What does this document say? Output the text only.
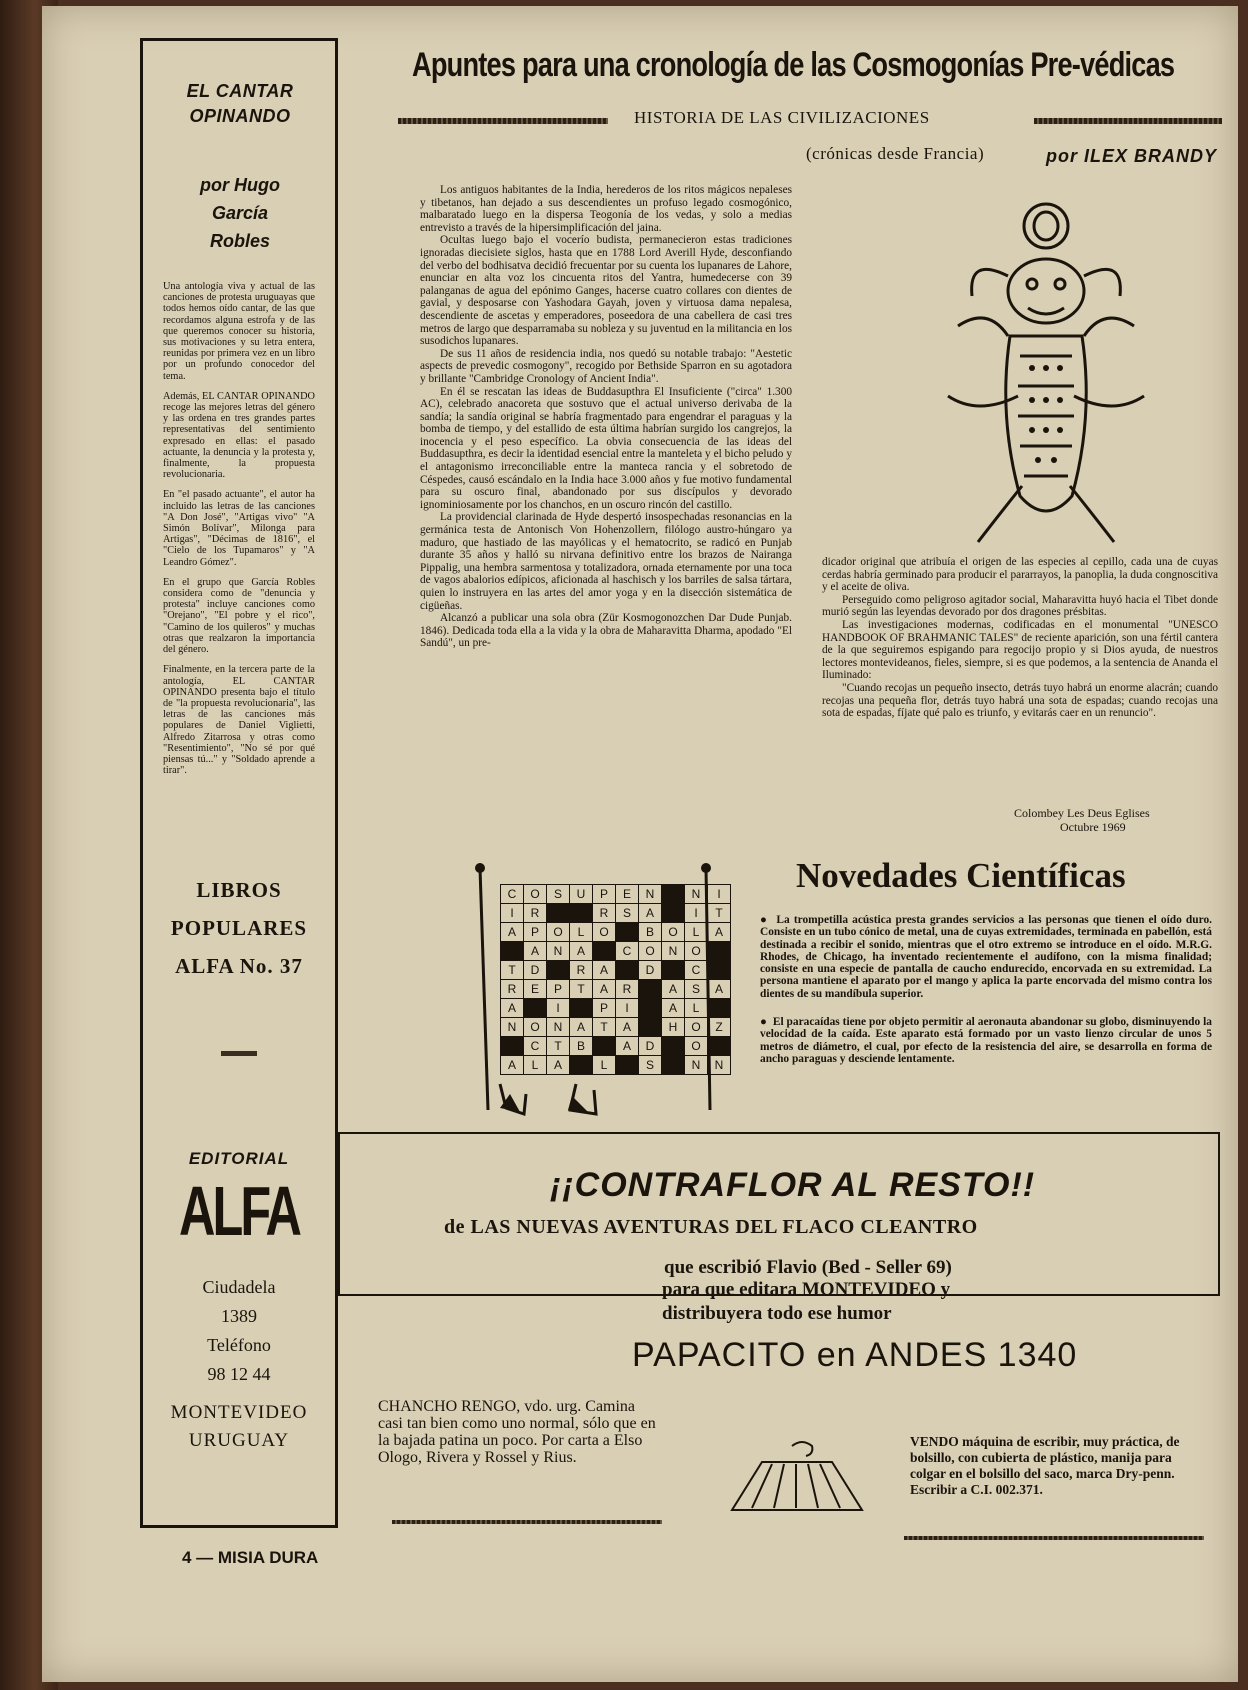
EL CANTAR
OPINANDO
por Hugo
García
Robles

Una antología viva y actual de las canciones de protesta uruguayas que todos hemos oído cantar, de las que recordamos alguna estrofa y de las que queremos conocer su historia, sus motivaciones y su letra entera, reunidas por primera vez en un libro por un profundo conocedor del tema.

Además, EL CANTAR OPINANDO recoge las mejores letras del género y las ordena en tres grandes partes representativas del sentimiento expresado en ellas: el pasado actuante, la denuncia y la protesta y, finalmente, la propuesta revolucionaria.

En "el pasado actuante", el autor ha incluido las letras de las canciones "A Don José", "Artigas vivo" "A Simón Bolívar", Milonga para Artigas", "Décimas de 1816", el "Cielo de los Tupamaros" y "A Leandro Gómez".

En el grupo que García Robles considera como de "denuncia y protesta" incluye canciones como "Orejano", "El pobre y el rico", "Camino de los quileros" y muchas otras que realzaron la importancia del género.

Finalmente, en la tercera parte de la antología, EL CANTAR OPINANDO presenta bajo el título de "la propuesta revolucionaria", las letras de las canciones más populares de Daniel Viglietti, Alfredo Zitarrosa y otras como "Resentimiento", "No sé por qué piensas tú..." y "Soldado aprende a tirar".

LIBROS
POPULARES
ALFA No. 37
EDITORIAL
ALFA
Ciudadela
1389
Teléfono
98 12 44
MONTEVIDEO
URUGUAY
4 — MISIA DURA
Apuntes para una cronología de las Cosmogonías Pre-védicas
HISTORIA DE LAS CIVILIZACIONES
(crónicas desde Francia)	por ILEX BRANDY

Los antiguos habitantes de la India, herederos de los ritos mágicos nepaleses y tibetanos, han dejado a sus descendientes un profuso legado cosmogónico, malbaratado luego en la dispersa Teogonía de los vedas, y solo a medias entrevisto a través de la hipersimplificación del jaina.

Ocultas luego bajo el vocerío budista, permanecieron estas tradiciones ignoradas diecisiete siglos, hasta que en 1788 Lord Averill Hyde, desconfiando del verbo del bodhisatva decidió frecuentar por su cuenta los lupanares de Lahore, enunciar en alta voz los cincuenta ritos del Yantra, humedecerse con 39 palanganas de agua del epónimo Ganges, hacerse cuatro collares con dientes de gavial, y desposarse con Yashodara Gayah, joven y virtuosa dama nepalesa, descendiente de ascetas y emperadores, poseedora de una cabellera de casi tres metros de largo que desparramaba su nobleza y su juventud en la militancia en los susodichos lupanares.

De sus 11 años de residencia india, nos quedó su notable trabajo: "Aestetic aspects de prevedic cosmogony", recogido por Bethside Sparron en su agotadora y brillante "Cambridge Cronology of Ancient India".

En él se rescatan las ideas de Buddasupthra El Insuficiente ("circa" 1.300 AC), celebrado anacoreta que sostuvo que el actual universo derivaba de la sandía; la sandía original se habría fragmentado para engendrar el paraguas y la bomba de tiempo, y del estallido de esta última habrían surgido los cangrejos, la inocencia y el peso específico. La obvia consecuencia de las ideas del Buddasupthra, es decir la identidad esencial entre la manteleta y el bicho peludo y el antagonismo irreconciliable entre la manteca rancia y el sobretodo de Céspedes, causó escándalo en la India hace 3.000 años y fue motivo fundamental para su oscuro final, abandonado por sus discípulos y devorado ignominiosamente por los chanchos, en un oscuro rincón del castillo.

La providencial clarinada de Hyde despertó insospechadas resonancias en la germánica testa de Antonisch Von Hohenzollern, filólogo austro-húngaro ya maduro, que hastiado de las mayólicas y el hematocrito, se radicó en Punjab durante 35 años y halló su nirvana definitivo entre los brazos de Nairanga Pippalig, una hembra sarmentosa y totalizadora, ornada eternamente por una toca de vagos abalorios edípicos, aficionada al haschisch y los barriles de salsa tártara, quien lo instruyera en las artes del amor yoga y en la disección sistemática de cigüeñas.

Alcanzó a publicar una sola obra (Zür Kosmogonozchen Dar Dude Punjab. 1846). Dedicada toda ella a la vida y la obra de Maharavitta Dharma, apodado "El Sandú", un pre-

dicador original que atribuía el origen de las especies al cepillo, cada una de cuyas cerdas habría germinado para producir el pararrayos, la panoplia, la duda congnoscitiva y el aceite de oliva.

Perseguido como peligroso agitador social, Maharavitta huyó hacia el Tibet donde murió según las leyendas devorado por dos dragones présbitas.

Las investigaciones modernas, codificadas en el monumental "UNESCO HANDBOOK OF BRAHMANIC TALES" de reciente aparición, son una fértil cantera de la que seguiremos espigando para regocijo propio y si Dios ayuda, de nuestros lectores montevideanos, fieles, siempre, si es que podemos, a la sentencia de Ananda el Iluminado:

"Cuando recojas un pequeño insecto, detrás tuyo habrá un enorme alacrán; cuando recojas una pequeña flor, detrás tuyo habrá una sota de espadas; cuando recojas una sota de espadas, fíjate qué palo es triunfo, y evitarás caer en un renuncio".

Colombey Les Deus Eglises
Octubre 1969
C	O	S	U	P	E	N		N	I
I	R			R	S	A		I	T
A	P	O	L	O		B	O	L	A
	A	N	A		C	O	N	O	
T	D		R	A		D		C	
R	E	P	T	A	R		A	S	A
A		I		P	I		A	L	
N	O	N	A	T	A		H	O	Z
	C	T	B		A	D		O	
A	L	A		L		S		N	N
Novedades Científicas

●  La trompetilla acústica presta grandes servicios a las personas que tienen el oído duro. Consiste en un tubo cónico de metal, una de cuyas extremidades, terminada en pabellón, está destinada a recibir el sonido, mientras que el otro extremo se introduce en el oído. M.R.G. Rhodes, de Chicago, ha inventado recientemente el audífono, con la misma finalidad; consiste en una especie de pantalla de caucho endurecido, encorvada en su extremidad. La persona mantiene el aparato por el mango y aplica la parte encorvada del mismo contra los dientes de su mandíbula superior.

●  El paracaídas tiene por objeto permitir al aeronauta abandonar su globo, disminuyendo la velocidad de la caída. Este aparato está formado por un vasto lienzo circular de unos 5 metros de diámetro, el cual, por efecto de la resistencia del aire, se desarrolla en forma de ancho paraguas y desciende lentamente.

¡¡CONTRAFLOR AL RESTO!!
de LAS NUEVAS AVENTURAS DEL FLACO CLEANTRO
que escribió Flavio (Bed - Seller 69)
para que editara MONTEVIDEO y
distribuyera todo ese humor
PAPACITO en ANDES 1340
CHANCHO RENGO, vdo. urg. Camina casi tan bien como uno normal, sólo que en la bajada patina un poco. Por carta a Elso Ologo, Rivera y Rossel y Rius.
VENDO máquina de escribir, muy práctica, de bolsillo, con cubierta de plástico, manija para colgar en el bolsillo del saco, marca Dry-penn. Escribir a C.I. 002.371.
